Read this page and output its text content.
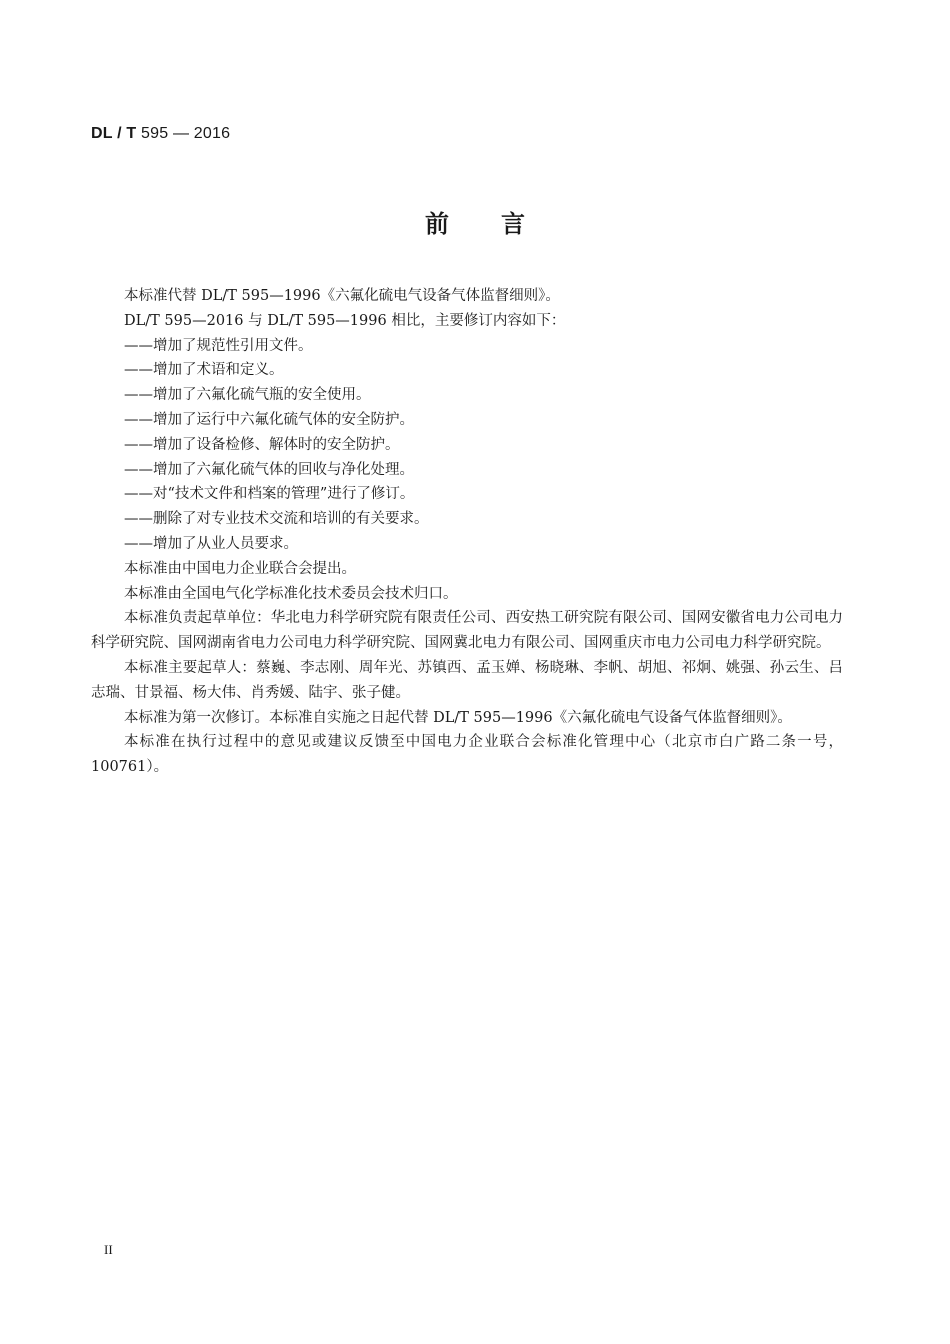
DL / T 595 — 2016
前言

本标准代替 DL/T 595—1996《六氟化硫电气设备气体监督细则》。

DL/T 595—2016 与 DL/T 595—1996 相比，主要修订内容如下：

——增加了规范性引用文件。

——增加了术语和定义。

——增加了六氟化硫气瓶的安全使用。

——增加了运行中六氟化硫气体的安全防护。

——增加了设备检修、解体时的安全防护。

——增加了六氟化硫气体的回收与净化处理。

——对“技术文件和档案的管理”进行了修订。

——删除了对专业技术交流和培训的有关要求。

——增加了从业人员要求。

本标准由中国电力企业联合会提出。

本标准由全国电气化学标准化技术委员会技术归口。

本标准负责起草单位：华北电力科学研究院有限责任公司、西安热工研究院有限公司、国网安徽省电力公司电力科学研究院、国网湖南省电力公司电力科学研究院、国网冀北电力有限公司、国网重庆市电力公司电力科学研究院。

本标准主要起草人：蔡巍、李志刚、周年光、苏镇西、孟玉婵、杨晓琳、李帆、胡旭、祁炯、姚强、孙云生、吕志瑞、甘景福、杨大伟、肖秀媛、陆宇、张子健。

本标准为第一次修订。本标准自实施之日起代替 DL/T 595—1996《六氟化硫电气设备气体监督细则》。

本标准在执行过程中的意见或建议反馈至中国电力企业联合会标准化管理中心（北京市白广路二条一号，100761）。

II
